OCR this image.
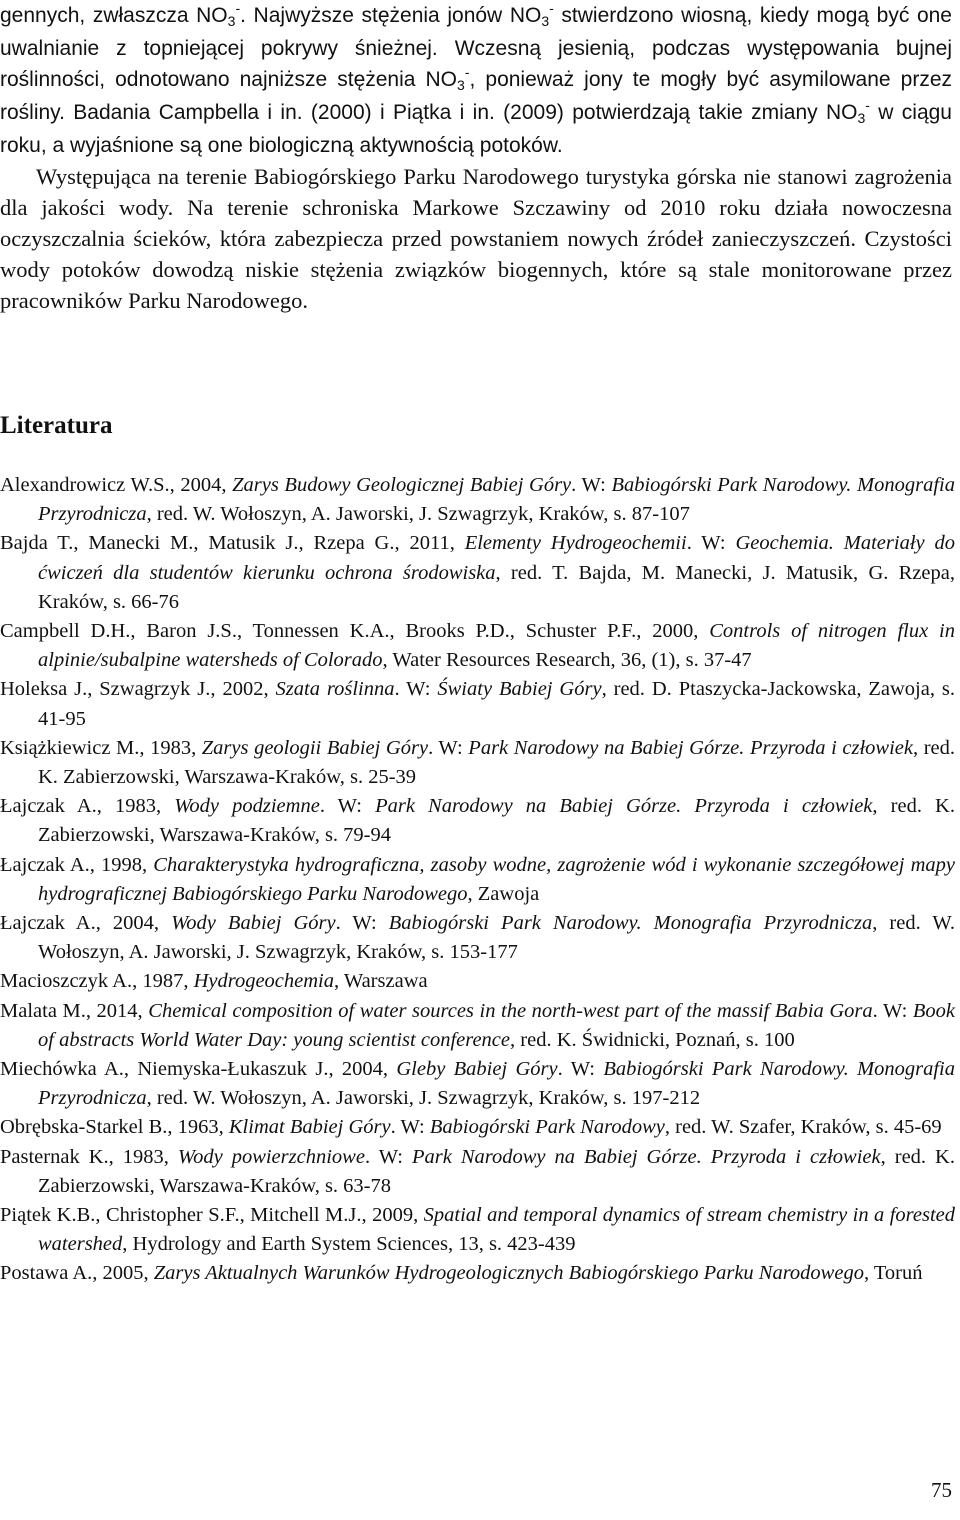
gennych, zwłaszcza NO3-. Najwyższe stężenia jonów NO3- stwierdzono wiosną, kiedy mogą być one uwalnianie z topniejącej pokrywy śnieżnej. Wczesną jesienią, podczas występowania bujnej roślinności, odnotowano najniższe stężenia NO3-, ponieważ jony te mogły być asymilowane przez rośliny. Badania Campbella i in. (2000) i Piątka i in. (2009) potwierdzają takie zmiany NO3- w ciągu roku, a wyjaśnione są one biologiczną aktywnością potoków.

Występująca na terenie Babiogórskiego Parku Narodowego turystyka górska nie stanowi zagrożenia dla jakości wody. Na terenie schroniska Markowe Szczawiny od 2010 roku działa nowoczesna oczyszczalnia ścieków, która zabezpiecza przed powstaniem nowych źródeł zanieczyszczeń. Czystości wody potoków dowodzą niskie stężenia związków biogennych, które są stale monitorowane przez pracowników Parku Narodowego.

Literatura

Alexandrowicz W.S., 2004, Zarys Budowy Geologicznej Babiej Góry. W: Babiogórski Park Narodowy. Monografia Przyrodnicza, red. W. Wołoszyn, A. Jaworski, J. Szwagrzyk, Kraków, s. 87-107

Bajda T., Manecki M., Matusik J., Rzepa G., 2011, Elementy Hydrogeochemii. W: Geochemia. Materiały do ćwiczeń dla studentów kierunku ochrona środowiska, red. T. Bajda, M. Manecki, J. Matusik, G. Rzepa, Kraków, s. 66-76

Campbell D.H., Baron J.S., Tonnessen K.A., Brooks P.D., Schuster P.F., 2000, Controls of nitrogen flux in alpinie/subalpine watersheds of Colorado, Water Resources Research, 36, (1), s. 37-47

Holeksa J., Szwagrzyk J., 2002, Szata roślinna. W: Światy Babiej Góry, red. D. Ptaszycka-Jackowska, Zawoja, s. 41-95

Książkiewicz M., 1983, Zarys geologii Babiej Góry. W: Park Narodowy na Babiej Górze. Przyroda i człowiek, red. K. Zabierzowski, Warszawa-Kraków, s. 25-39

Łajczak A., 1983, Wody podziemne. W: Park Narodowy na Babiej Górze. Przyroda i człowiek, red. K. Zabierzowski, Warszawa-Kraków, s. 79-94

Łajczak A., 1998, Charakterystyka hydrograficzna, zasoby wodne, zagrożenie wód i wykonanie szczegółowej mapy hydrograficznej Babiogórskiego Parku Narodowego, Zawoja

Łajczak A., 2004, Wody Babiej Góry. W: Babiogórski Park Narodowy. Monografia Przyrodnicza, red. W. Wołoszyn, A. Jaworski, J. Szwagrzyk, Kraków, s. 153-177

Macioszczyk A., 1987, Hydrogeochemia, Warszawa

Malata M., 2014, Chemical composition of water sources in the north-west part of the massif Babia Gora. W: Book of abstracts World Water Day: young scientist conference, red. K. Świdnicki, Poznań, s. 100

Miechówka A., Niemyska-Łukaszuk J., 2004, Gleby Babiej Góry. W: Babiogórski Park Narodowy. Monografia Przyrodnicza, red. W. Wołoszyn, A. Jaworski, J. Szwagrzyk, Kraków, s. 197-212

Obrębska-Starkel B., 1963, Klimat Babiej Góry. W: Babiogórski Park Narodowy, red. W. Szafer, Kraków, s. 45-69

Pasternak K., 1983, Wody powierzchniowe. W: Park Narodowy na Babiej Górze. Przyroda i człowiek, red. K. Zabierzowski, Warszawa-Kraków, s. 63-78

Piątek K.B., Christopher S.F., Mitchell M.J., 2009, Spatial and temporal dynamics of stream chemistry in a forested watershed, Hydrology and Earth System Sciences, 13, s. 423-439

Postawa A., 2005, Zarys Aktualnych Warunków Hydrogeologicznych Babiogórskiego Parku Narodowego, Toruń

75
